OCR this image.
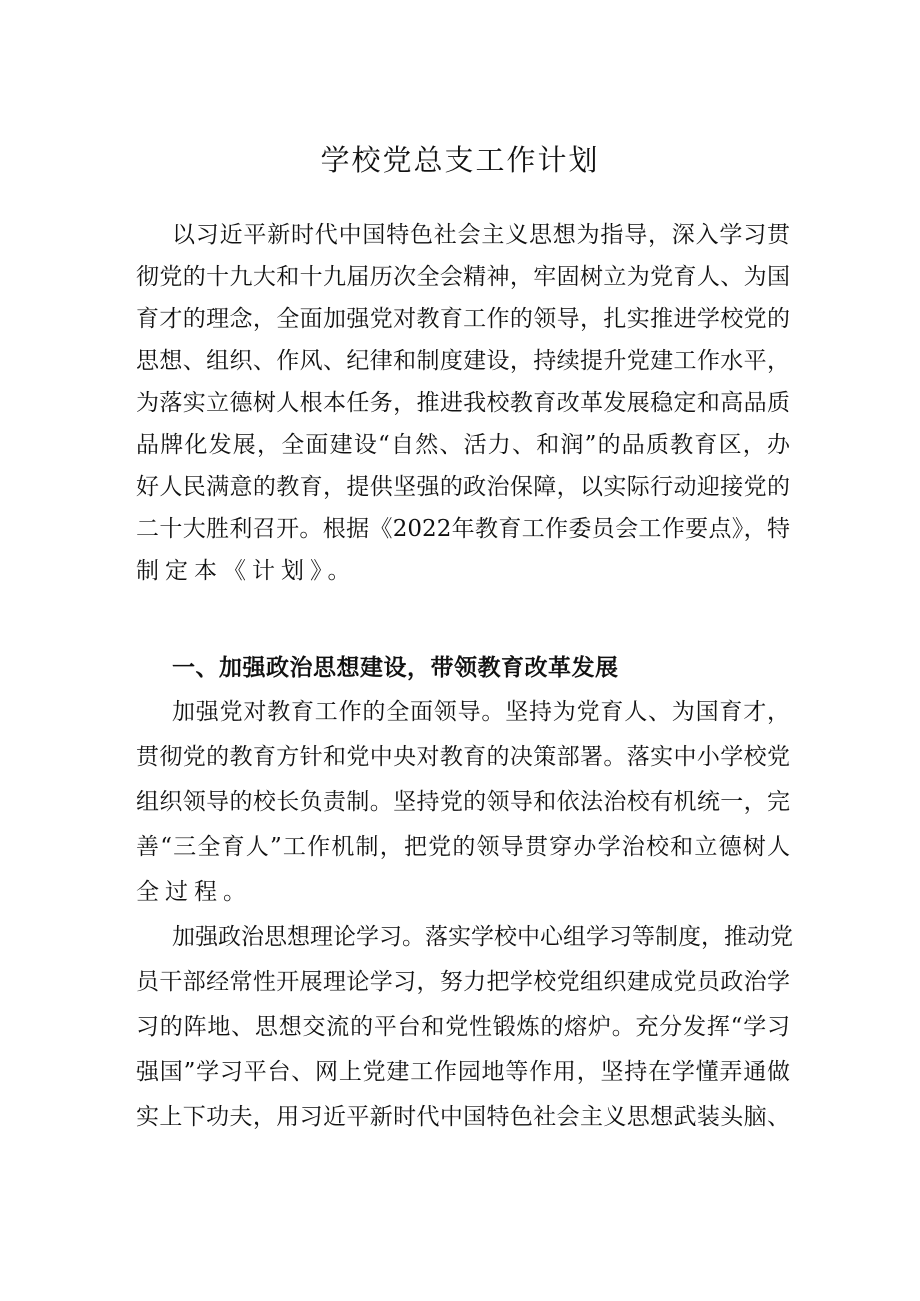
学校党总支工作计划
以习近平新时代中国特色社会主义思想为指导，深入学习贯
彻党的十九大和十九届历次全会精神，牢固树立为党育人、为国
育才的理念，全面加强党对教育工作的领导，扎实推进学校党的
思想、组织、作风、纪律和制度建设，持续提升党建工作水平，
为落实立德树人根本任务，推进我校教育改革发展稳定和高品质
品牌化发展，全面建设“自然、活力、和润”的品质教育区，办
好人民满意的教育，提供坚强的政治保障，以实际行动迎接党的
二十大胜利召开。根据《2022年教育工作委员会工作要点》，特
制定本《计划》。
一、加强政治思想建设，带领教育改革发展
加强党对教育工作的全面领导。坚持为党育人、为国育才，
贯彻党的教育方针和党中央对教育的决策部署。落实中小学校党
组织领导的校长负责制。坚持党的领导和依法治校有机统一，完
善“三全育人”工作机制，把党的领导贯穿办学治校和立德树人
全过程。
加强政治思想理论学习。落实学校中心组学习等制度，推动党
员干部经常性开展理论学习，努力把学校党组织建成党员政治学
习的阵地、思想交流的平台和党性锻炼的熔炉。充分发挥“学习
强国”学习平台、网上党建工作园地等作用，坚持在学懂弄通做
实上下功夫，用习近平新时代中国特色社会主义思想武装头脑、
